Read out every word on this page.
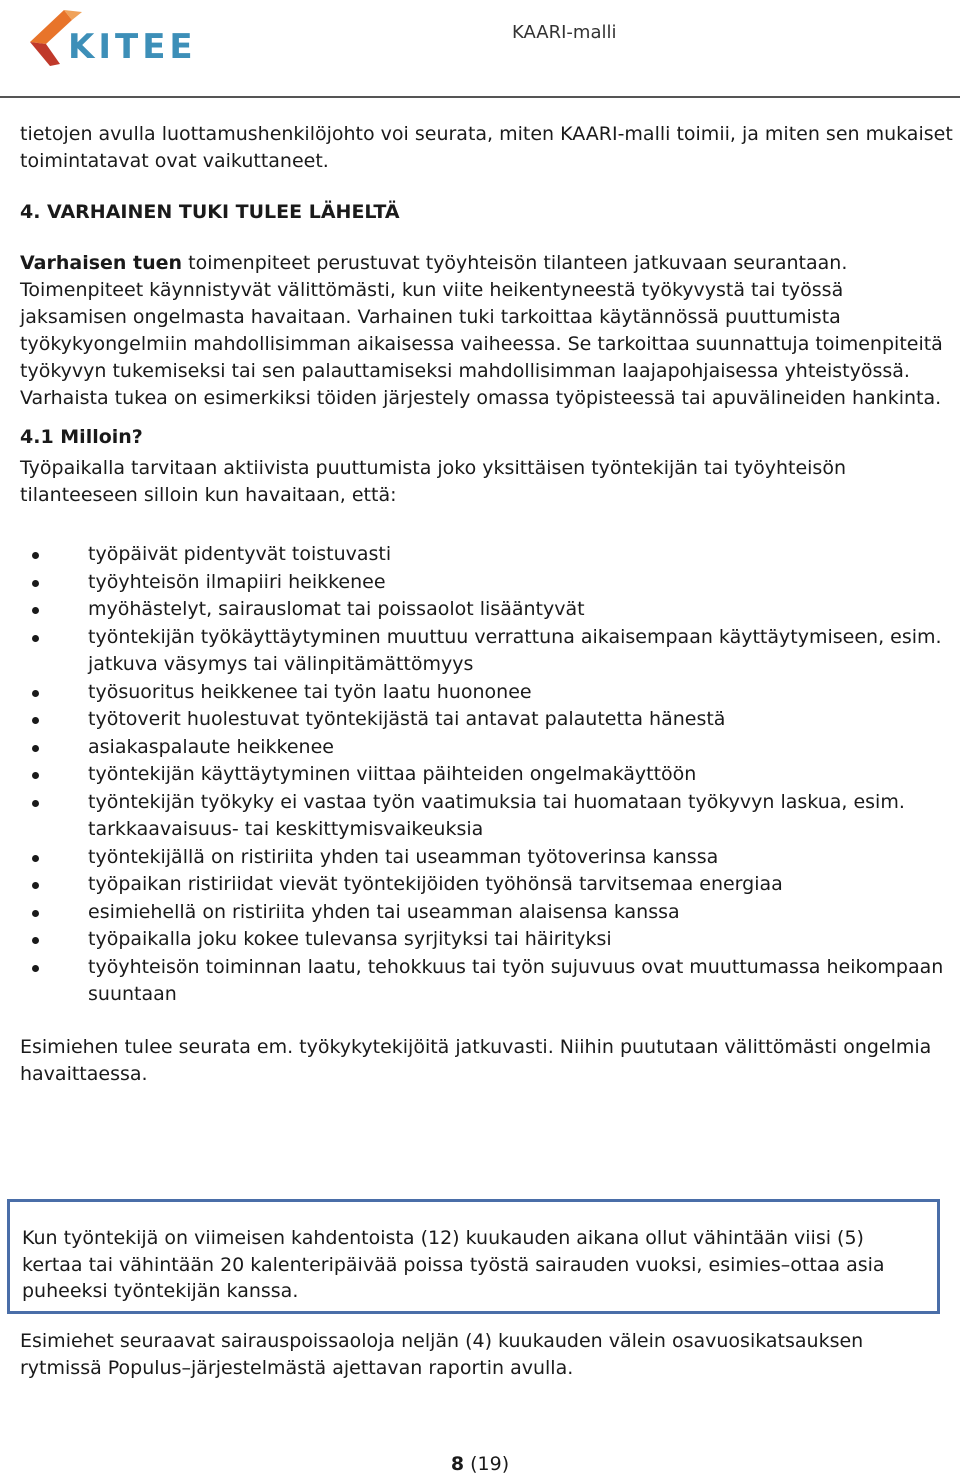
KITEE	KAARI-malli

tietojen avulla luottamushenkilöjohto voi seurata, miten KAARI-malli toimii, ja miten sen mukaiset toimintatavat ovat vaikuttaneet.

4. VARHAINEN TUKI TULEE LÄHELTÄ

Varhaisen tuen toimenpiteet perustuvat työyhteisön tilanteen jatkuvaan seurantaan. Toimenpiteet käynnistyvät välittömästi, kun viite heikentyneestä työkyvystä tai työssä jaksamisen ongelmasta havaitaan. Varhainen tuki tarkoittaa käytännössä puuttumista työkykyongelmiin mahdollisimman aikaisessa vaiheessa. Se tarkoittaa suunnattuja toimenpiteitä työkyvyn tukemiseksi tai sen palauttamiseksi mahdollisimman laajapohjaisessa yhteistyössä. Varhaista tukea on esimerkiksi töiden järjestely omassa työpisteessä tai apuvälineiden hankinta.

4.1 Milloin?

Työpaikalla tarvitaan aktiivista puuttumista joko yksittäisen työntekijän tai työyhteisön tilanteeseen silloin kun havaitaan, että:

työpäivät pidentyvät toistuvasti
työyhteisön ilmapiiri heikkenee
myöhästelyt, sairauslomat tai poissaolot lisääntyvät
työntekijän työkäyttäytyminen muuttuu verrattuna aikaisempaan käyttäytymiseen, esim. jatkuva väsymys tai välinpitämättömyys
työsuoritus heikkenee tai työn laatu huononee
työtoverit huolestuvat työntekijästä tai antavat palautetta hänestä
asiakaspalaute heikkenee
työntekijän käyttäytyminen viittaa päihteiden ongelmakäyttöön
työntekijän työkyky ei vastaa työn vaatimuksia tai huomataan työkyvyn laskua, esim. tarkkaavaisuus- tai keskittymisvaikeuksia
työntekijällä on ristiriita yhden tai useamman työtoverinsa kanssa
työpaikan ristiriidat vievät työntekijöiden työhönsä tarvitsemaa energiaa
esimiehellä on ristiriita yhden tai useamman alaisensa kanssa
työpaikalla joku kokee tulevansa syrjityksi tai häirityksi
työyhteisön toiminnan laatu, tehokkuus tai työn sujuvuus ovat muuttumassa heikompaan suuntaan

Esimiehen tulee seurata em. työkykytekijöitä jatkuvasti. Niihin puututaan välittömästi ongelmia havaittaessa.

Kun työntekijä on viimeisen kahdentoista (12) kuukauden aikana ollut vähintään viisi (5) kertaa tai vähintään 20 kalenteripäivää poissa työstä sairauden vuoksi, esimies–ottaa asia puheeksi työntekijän kanssa.

Esimiehet seuraavat sairauspoissaoloja neljän (4) kuukauden välein osavuosikatsauksen rytmissä Populus–järjestelmästä ajettavan raportin avulla.

8 (19)
